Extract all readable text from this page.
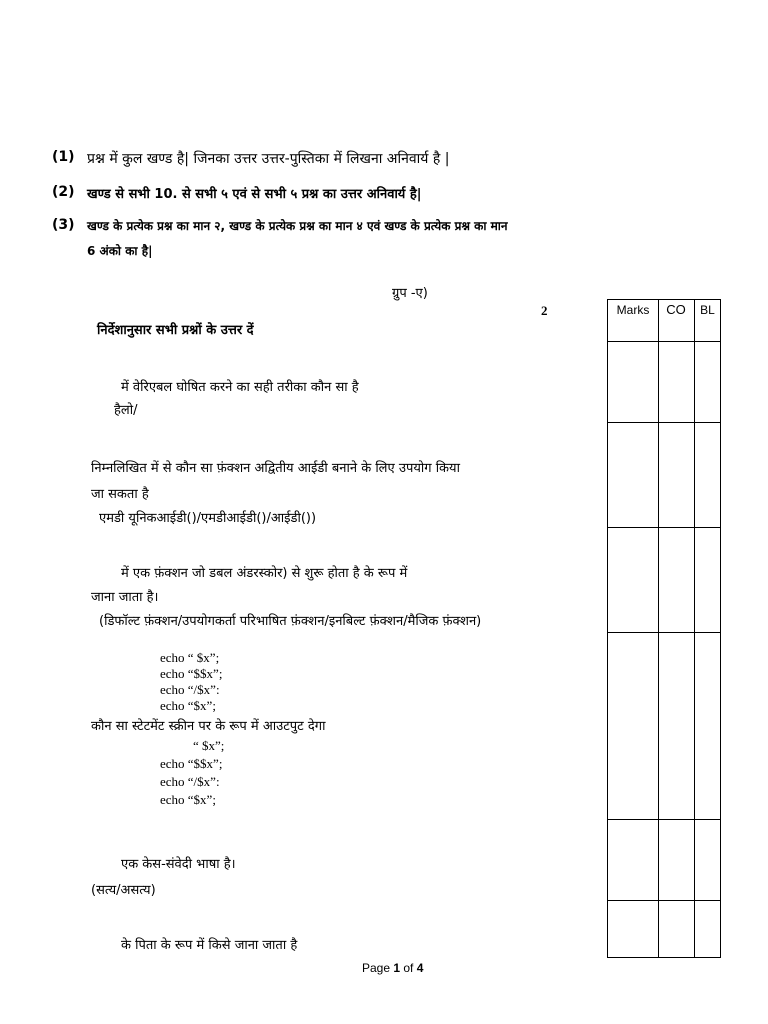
(1) प्रश्न में कुल खण्ड है| जिनका उत्तर उत्तर-पुस्तिका में लिखना अनिवार्य है |
(2) खण्ड से सभी 10. से सभी ५ एवं से सभी ५ प्रश्न का उत्तर अनिवार्य है|
(3) खण्ड के प्रत्येक प्रश्न का मान २, खण्ड के प्रत्येक प्रश्न का मान ४ एवं खण्ड के प्रत्येक प्रश्न का मान
6 अंको का है|
ग्रुप -ए)
2
निर्देशानुसार सभी प्रश्नों के उत्तर दें
Marks	CO	BL
में वेरिएबल घोषित करने का सही तरीका कौन सा है
हैलो/
निम्नलिखित में से कौन सा फ़ंक्शन अद्वितीय आईडी बनाने के लिए उपयोग किया
जा सकता है
एमडी यूनिकआईडी()/एमडीआईडी()/आईडी())
में एक फ़ंक्शन जो डबल अंडरस्कोर) से शुरू होता है के रूप में
जाना जाता है।
(डिफॉल्ट फ़ंक्शन/उपयोगकर्ता परिभाषित फ़ंक्शन/इनबिल्ट फ़ंक्शन/मैजिक फ़ंक्शन)
echo “ $x”;
echo “$$x”;
echo “/$x”:
echo “$x”;
कौन सा स्टेटमेंट स्क्रीन पर के रूप में आउटपुट देगा
“ $x”;
echo “$$x”;
echo “/$x”:
echo “$x”;
एक केस-संवेदी भाषा है।
(सत्य/असत्य)
के पिता के रूप में किसे जाना जाता है
Page 1 of 4
